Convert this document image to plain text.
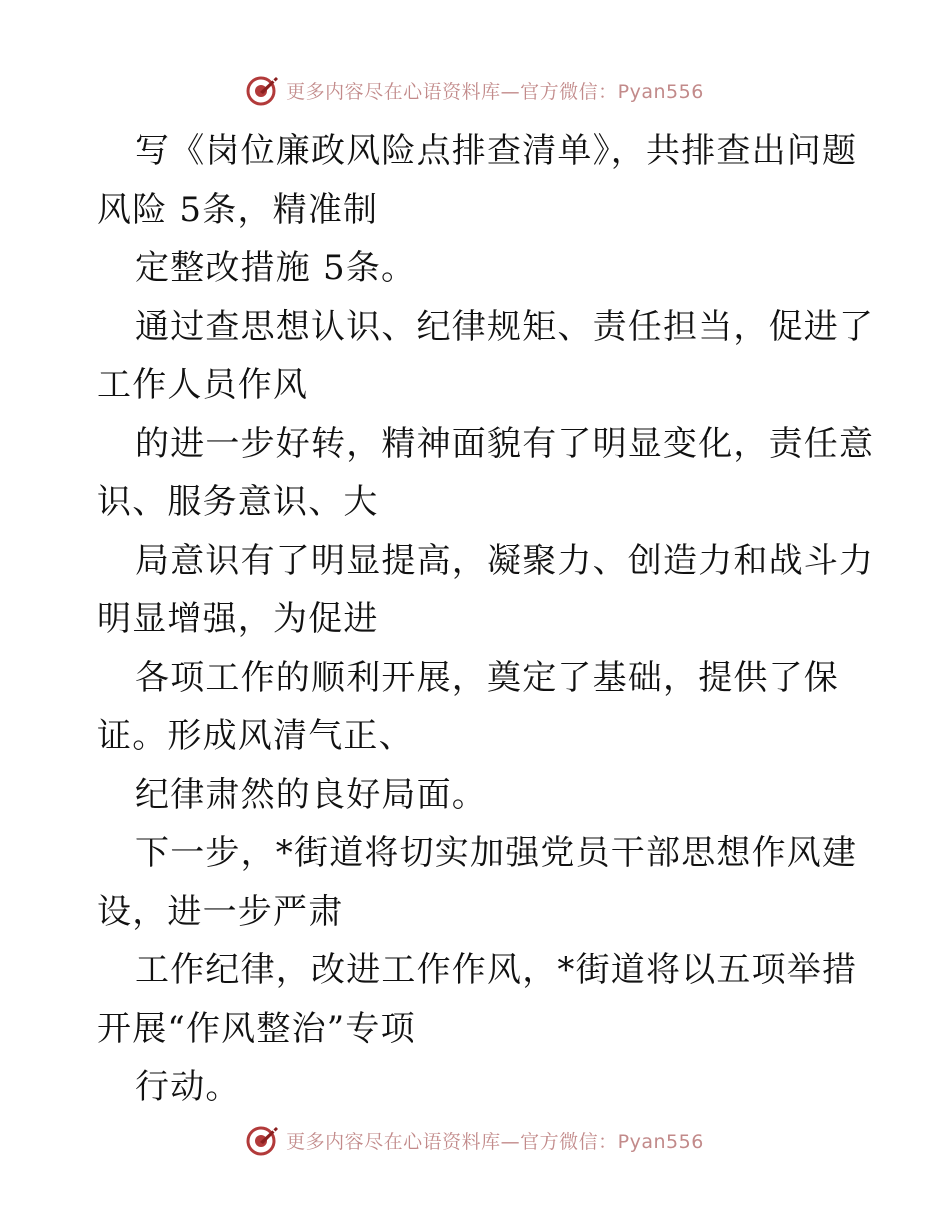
更多内容尽在心语资料库—官方微信：Pyan556
写《岗位廉政风险点排查清单》，共排查出问题
风险 5条，精准制
定整改措施 5条。
通过查思想认识、纪律规矩、责任担当，促进了
工作人员作风
的进一步好转，精神面貌有了明显变化，责任意
识、服务意识、大
局意识有了明显提高，凝聚力、创造力和战斗力
明显增强，为促进
各项工作的顺利开展，奠定了基础，提供了保
证。形成风清气正、
纪律肃然的良好局面。
下一步，*街道将切实加强党员干部思想作风建
设，进一步严肃
工作纪律，改进工作作风，*街道将以五项举措
开展“作风整治”专项
行动。
更多内容尽在心语资料库—官方微信：Pyan556
